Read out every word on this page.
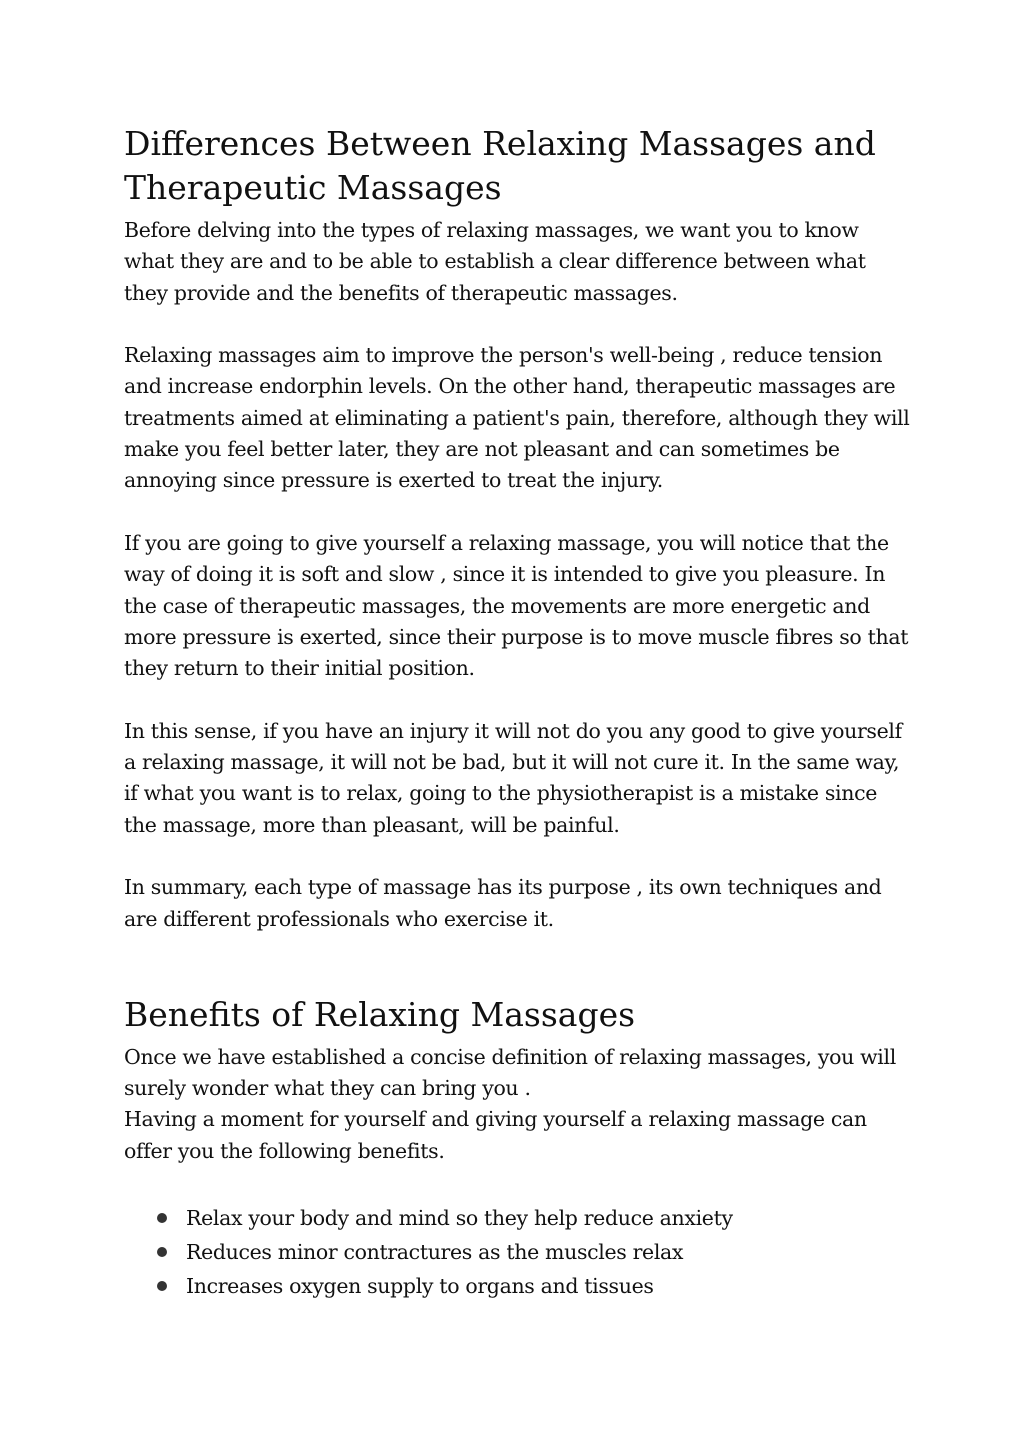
Differences Between Relaxing Massages and Therapeutic Massages

Before delving into the types of relaxing massages, we want you to know what they are and to be able to establish a clear difference between what they provide and the benefits of therapeutic massages.

Relaxing massages aim to improve the person's well-being , reduce tension and increase endorphin levels. On the other hand, therapeutic massages are treatments aimed at eliminating a patient's pain, therefore, although they will make you feel better later, they are not pleasant and can sometimes be annoying since pressure is exerted to treat the injury.

If you are going to give yourself a relaxing massage, you will notice that the way of doing it is soft and slow , since it is intended to give you pleasure. In the case of therapeutic massages, the movements are more energetic and more pressure is exerted, since their purpose is to move muscle fibres so that they return to their initial position.

In this sense, if you have an injury it will not do you any good to give yourself a relaxing massage, it will not be bad, but it will not cure it. In the same way, if what you want is to relax, going to the physiotherapist is a mistake since the massage, more than pleasant, will be painful.

In summary, each type of massage has its purpose , its own techniques and are different professionals who exercise it.

Benefits of Relaxing Massages

Once we have established a concise definition of relaxing massages, you will surely wonder what they can bring you .

Having a moment for yourself and giving yourself a relaxing massage can offer you the following benefits.

Relax your body and mind so they help reduce anxiety
Reduces minor contractures as the muscles relax
Increases oxygen supply to organs and tissues
